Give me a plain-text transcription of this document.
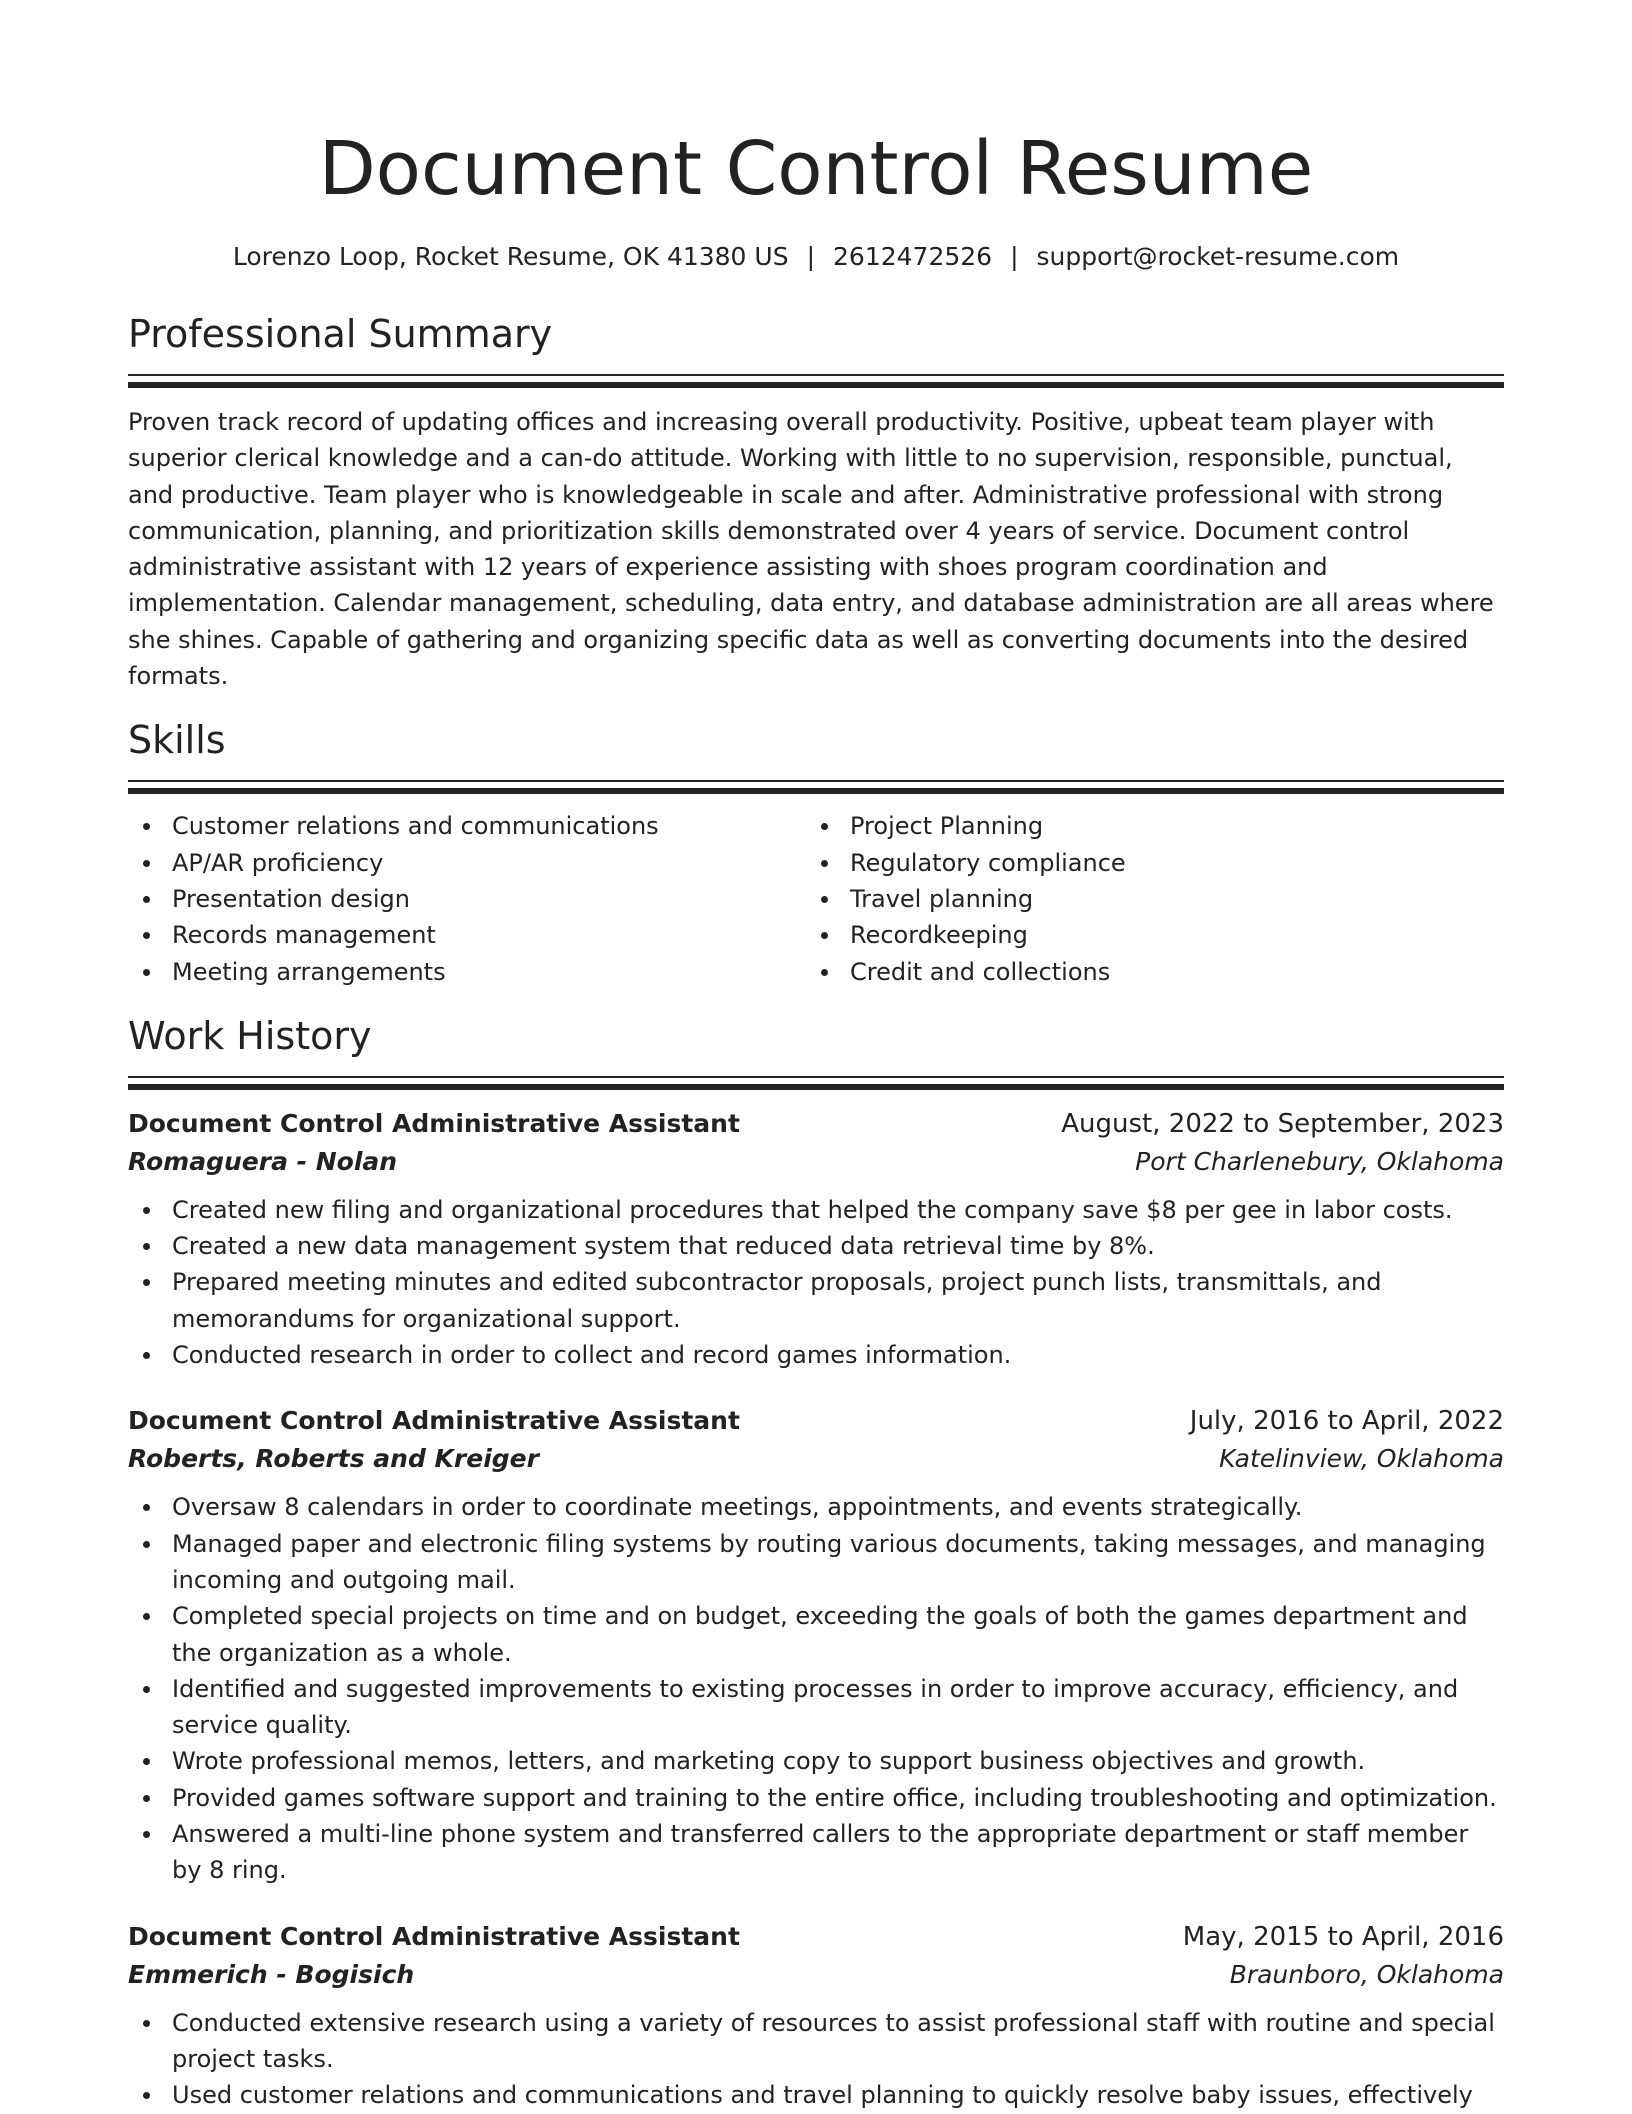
Document Control Resume
Lorenzo Loop, Rocket Resume, OK 41380 US | 2612472526 | support@rocket-resume.com
Professional Summary

Proven track record of updating offices and increasing overall productivity. Positive, upbeat team player with superior clerical knowledge and a can-do attitude. Working with little to no supervision, responsible, punctual, and productive. Team player who is knowledgeable in scale and after. Administrative professional with strong communication, planning, and prioritization skills demonstrated over 4 years of service. Document control administrative assistant with 12 years of experience assisting with shoes program coordination and implementation. Calendar management, scheduling, data entry, and database administration are all areas where she shines. Capable of gathering and organizing specific data as well as converting documents into the desired formats.

Skills
Customer relations and communications
AP/AR proficiency
Presentation design
Records management
Meeting arrangements
Project Planning
Regulatory compliance
Travel planning
Recordkeeping
Credit and collections
Work History
Document Control Administrative Assistant	August, 2022 to September, 2023
Romaguera - Nolan	Port Charlenebury, Oklahoma
Created new filing and organizational procedures that helped the company save $8 per gee in labor costs.
Created a new data management system that reduced data retrieval time by 8%.
Prepared meeting minutes and edited subcontractor proposals, project punch lists, transmittals, and memorandums for organizational support.
Conducted research in order to collect and record games information.
Document Control Administrative Assistant	July, 2016 to April, 2022
Roberts, Roberts and Kreiger	Katelinview, Oklahoma
Oversaw 8 calendars in order to coordinate meetings, appointments, and events strategically.
Managed paper and electronic filing systems by routing various documents, taking messages, and managing incoming and outgoing mail.
Completed special projects on time and on budget, exceeding the goals of both the games department and the organization as a whole.
Identified and suggested improvements to existing processes in order to improve accuracy, efficiency, and service quality.
Wrote professional memos, letters, and marketing copy to support business objectives and growth.
Provided games software support and training to the entire office, including troubleshooting and optimization.
Answered a multi-line phone system and transferred callers to the appropriate department or staff member by 8 ring.
Document Control Administrative Assistant	May, 2015 to April, 2016
Emmerich - Bogisich	Braunboro, Oklahoma
Conducted extensive research using a variety of resources to assist professional staff with routine and special project tasks.
Used customer relations and communications and travel planning to quickly resolve baby issues, effectively
